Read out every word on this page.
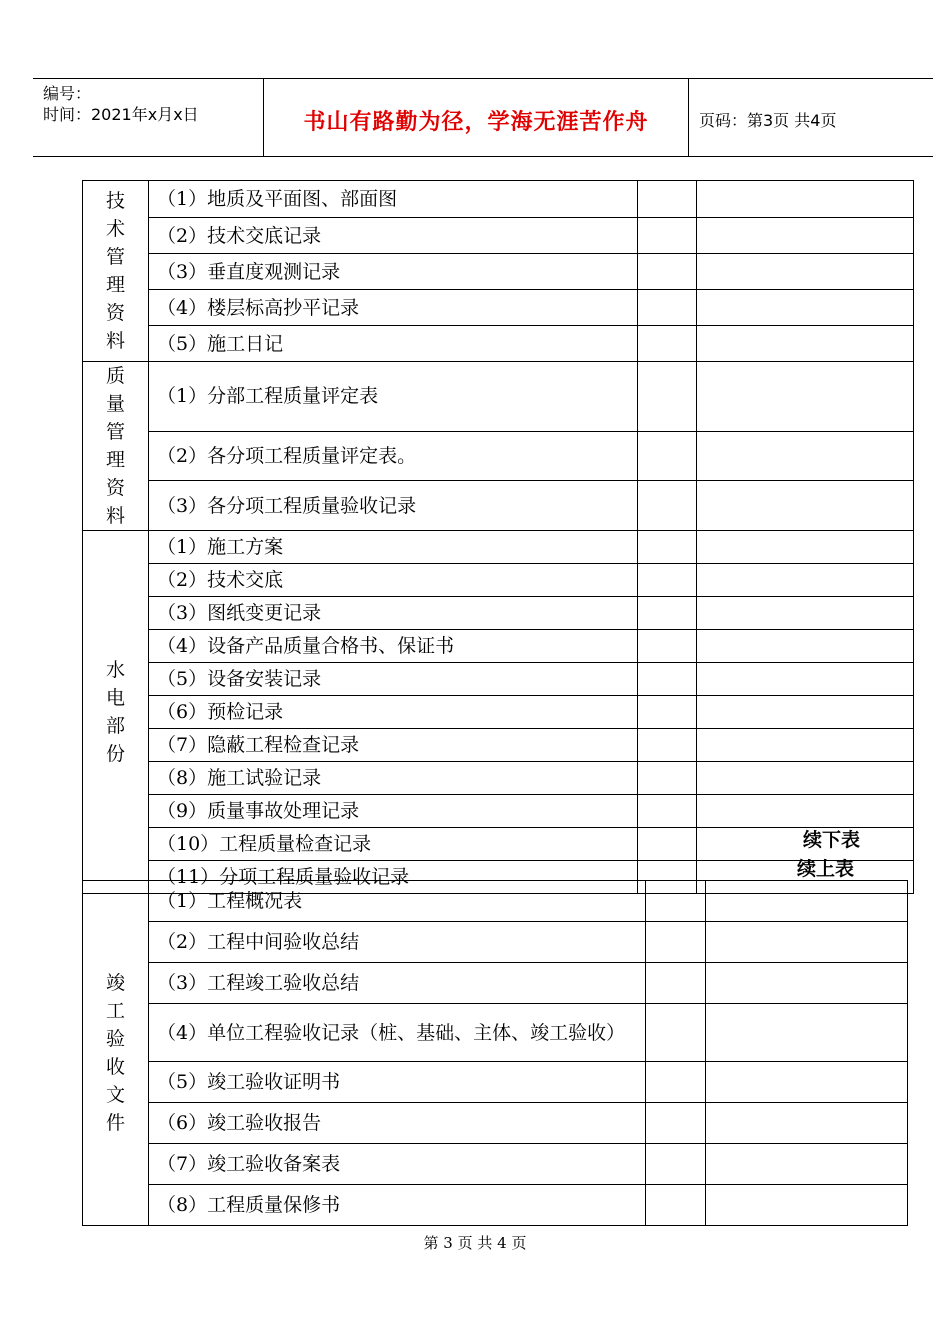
编号：
时间：2021年x月x日	书山有路勤为径，学海无涯苦作舟	页码：第3页 共4页
技术管理资料	（1）地质及平面图、部面图		
	（2）技术交底记录		
	（3）垂直度观测记录		
	（4）楼层标高抄平记录		
	（5）施工日记		
质量管理资料	（1）分部工程质量评定表		
	（2）各分项工程质量评定表。		
	（3）各分项工程质量验收记录		
水电部份	（1）施工方案		
	（2）技术交底		
	（3）图纸变更记录		
	（4）设备产品质量合格书、保证书		
	（5）设备安装记录		
	（6）预检记录		
	（7）隐蔽工程检查记录		
	（8）施工试验记录		
	（9）质量事故处理记录		
	（10）工程质量检查记录		
	（11）分项工程质量验收记录		
续下表
续上表
竣工验收文件	（1）工程概况表		
	（2）工程中间验收总结		
	（3）工程竣工验收总结		
	（4）单位工程验收记录（桩、基础、主体、竣工验收）		
	（5）竣工验收证明书		
	（6）竣工验收报告		
	（7）竣工验收备案表		
	（8）工程质量保修书		
第 3 页 共 4 页
